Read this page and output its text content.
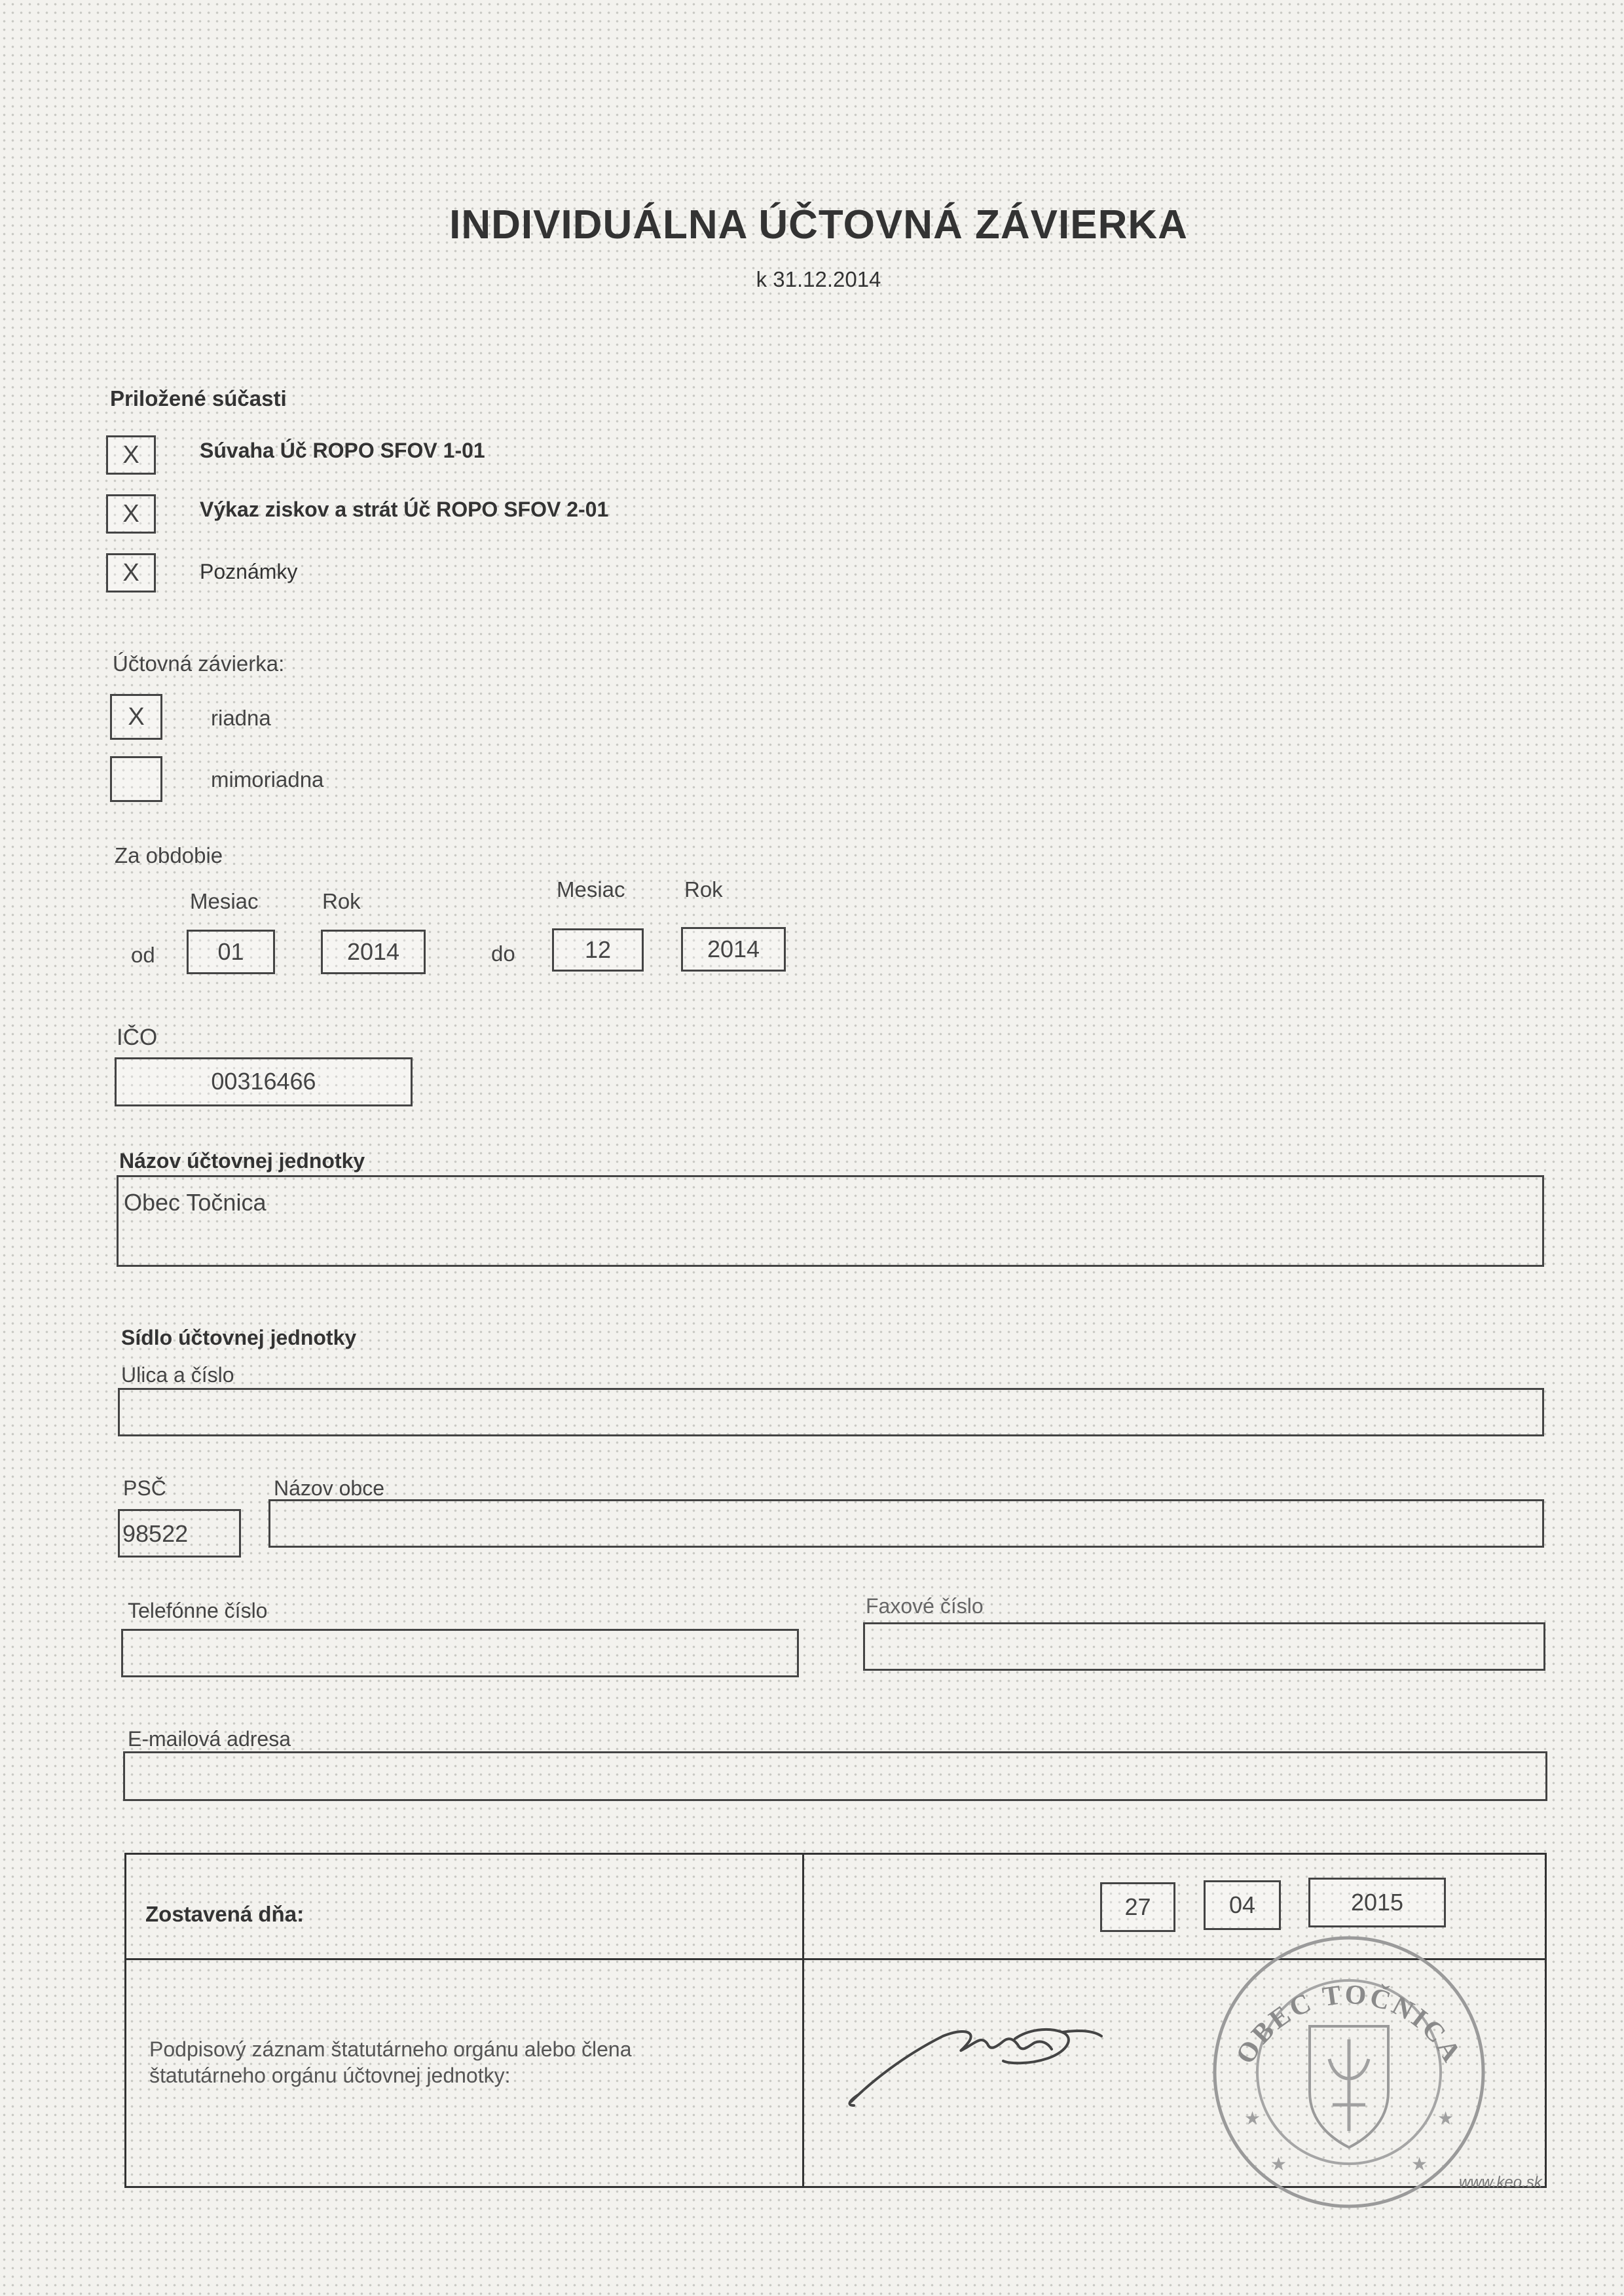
INDIVIDUÁLNA ÚČTOVNÁ ZÁVIERKA
k 31.12.2014
Priložené súčasti
X	Súvaha Úč ROPO SFOV 1-01
X	Výkaz ziskov a strát Úč ROPO SFOV 2-01
X	Poznámky
Účtovná závierka:
X	riadna
mimoriadna
Za obdobie
Mesiac	Rok	Mesiac	Rok
od	01	2014	do	12	2014
IČO
00316466
Názov účtovnej jednotky
Obec Točnica
Sídlo účtovnej jednotky
Ulica a číslo
PSČ	Názov obce
98522
Telefónne číslo	Faxové číslo
E-mailová adresa
Zostavená dňa:	27	04	2015
Podpisový záznam štatutárneho orgánu alebo člena
štatutárneho orgánu účtovnej jednotky:
OBEC TOČNICA
★	★
★	★
www.keo.sk
